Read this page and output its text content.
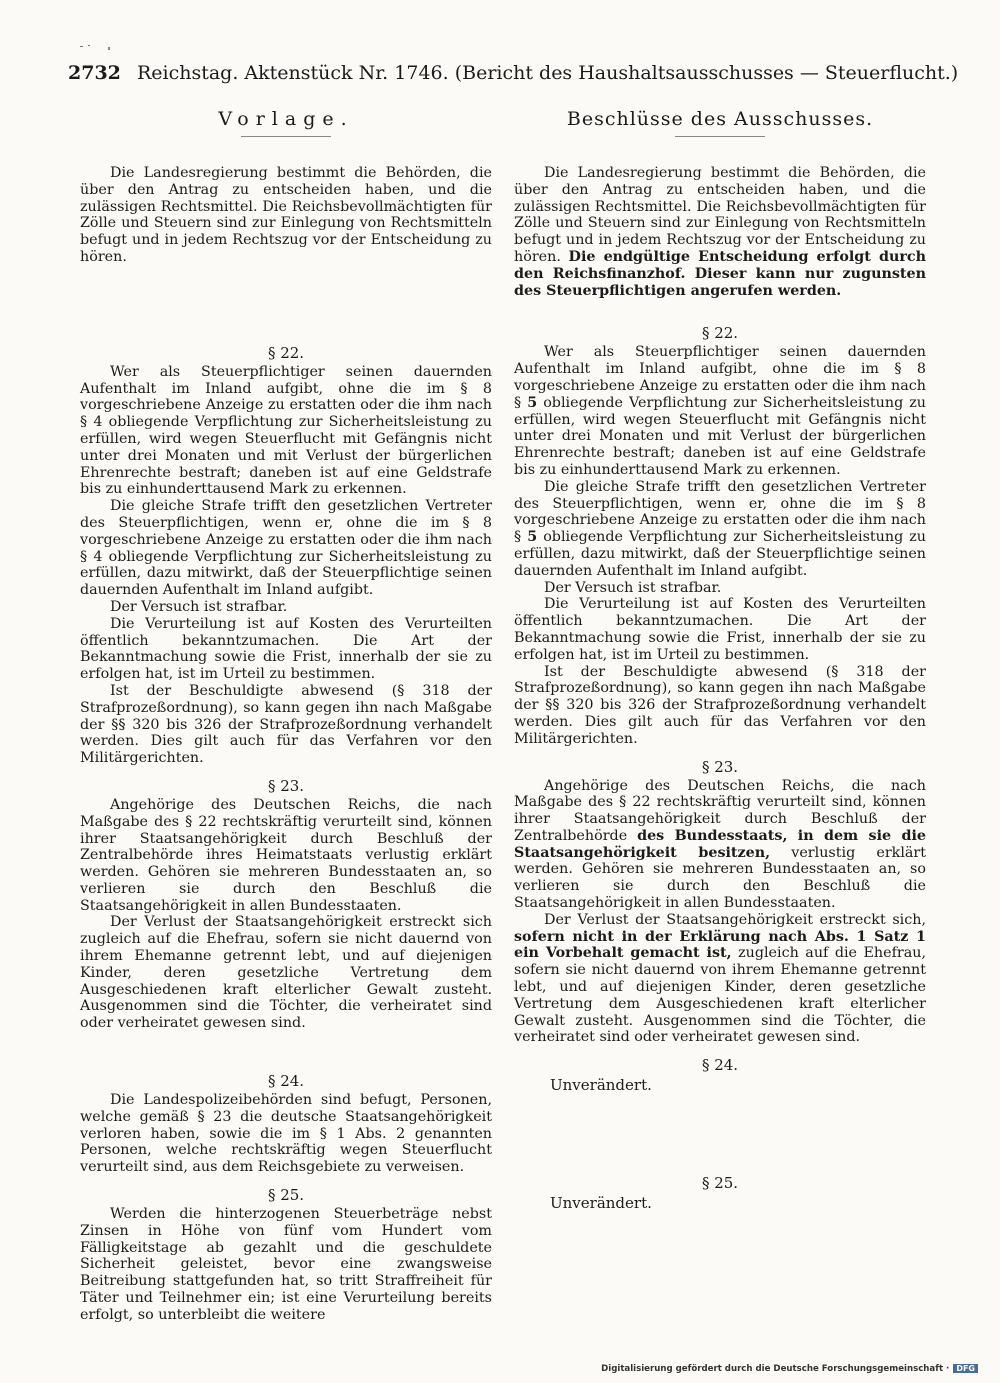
2732 Reichstag. Aktenstück Nr. 1746. (Bericht des Haushaltsausschusses — Steuerflucht.)
Vorlage.

Die Landesregierung bestimmt die Behörden, die über den Antrag zu entscheiden haben, und die zulässigen Rechtsmittel. Die Reichsbevollmächtigten für Zölle und Steuern sind zur Einlegung von Rechtsmitteln befugt und in jedem Rechtszug vor der Entscheidung zu hören.

§ 22.

Wer als Steuerpflichtiger seinen dauernden Aufenthalt im Inland aufgibt, ohne die im § 8 vorgeschriebene Anzeige zu erstatten oder die ihm nach § 4 obliegende Verpflichtung zur Sicherheitsleistung zu erfüllen, wird wegen Steuerflucht mit Gefängnis nicht unter drei Monaten und mit Verlust der bürgerlichen Ehrenrechte bestraft; daneben ist auf eine Geldstrafe bis zu einhunderttausend Mark zu erkennen.

Die gleiche Strafe trifft den gesetzlichen Vertreter des Steuerpflichtigen, wenn er, ohne die im § 8 vorgeschriebene Anzeige zu erstatten oder die ihm nach § 4 obliegende Verpflichtung zur Sicherheitsleistung zu erfüllen, dazu mitwirkt, daß der Steuerpflichtige seinen dauernden Aufenthalt im Inland aufgibt.

Der Versuch ist strafbar.

Die Verurteilung ist auf Kosten des Verurteilten öffentlich bekanntzumachen. Die Art der Bekanntmachung sowie die Frist, innerhalb der sie zu erfolgen hat, ist im Urteil zu bestimmen.

Ist der Beschuldigte abwesend (§ 318 der Strafprozeßordnung), so kann gegen ihn nach Maßgabe der §§ 320 bis 326 der Strafprozeßordnung verhandelt werden. Dies gilt auch für das Verfahren vor den Militärgerichten.

§ 23.

Angehörige des Deutschen Reichs, die nach Maßgabe des § 22 rechtskräftig verurteilt sind, können ihrer Staatsangehörigkeit durch Beschluß der Zentralbehörde ihres Heimatstaats verlustig erklärt werden. Gehören sie mehreren Bundesstaaten an, so verlieren sie durch den Beschluß die Staatsangehörigkeit in allen Bundesstaaten.

Der Verlust der Staatsangehörigkeit erstreckt sich zugleich auf die Ehefrau, sofern sie nicht dauernd von ihrem Ehemanne getrennt lebt, und auf diejenigen Kinder, deren gesetzliche Vertretung dem Ausgeschiedenen kraft elterlicher Gewalt zusteht. Ausgenommen sind die Töchter, die verheiratet sind oder verheiratet gewesen sind.

§ 24.

Die Landespolizeibehörden sind befugt, Personen, welche gemäß § 23 die deutsche Staatsangehörigkeit verloren haben, sowie die im § 1 Abs. 2 genannten Personen, welche rechtskräftig wegen Steuerflucht verurteilt sind, aus dem Reichsgebiete zu verweisen.

§ 25.

Werden die hinterzogenen Steuerbeträge nebst Zinsen in Höhe von fünf vom Hundert vom Fälligkeitstage ab gezahlt und die geschuldete Sicherheit geleistet, bevor eine zwangsweise Beitreibung stattgefunden hat, so tritt Straffreiheit für Täter und Teilnehmer ein; ist eine Verurteilung bereits erfolgt, so unterbleibt die weitere

Beschlüsse des Ausschusses.

Die Landesregierung bestimmt die Behörden, die über den Antrag zu entscheiden haben, und die zulässigen Rechtsmittel. Die Reichsbevollmächtigten für Zölle und Steuern sind zur Einlegung von Rechtsmitteln befugt und in jedem Rechtszug vor der Entscheidung zu hören. Die endgültige Entscheidung erfolgt durch den Reichsfinanzhof. Dieser kann nur zugunsten des Steuerpflichtigen angerufen werden.

§ 22.

Wer als Steuerpflichtiger seinen dauernden Aufenthalt im Inland aufgibt, ohne die im § 8 vorgeschriebene Anzeige zu erstatten oder die ihm nach § 5 obliegende Verpflichtung zur Sicherheitsleistung zu erfüllen, wird wegen Steuerflucht mit Gefängnis nicht unter drei Monaten und mit Verlust der bürgerlichen Ehrenrechte bestraft; daneben ist auf eine Geldstrafe bis zu einhunderttausend Mark zu erkennen.

Die gleiche Strafe trifft den gesetzlichen Vertreter des Steuerpflichtigen, wenn er, ohne die im § 8 vorgeschriebene Anzeige zu erstatten oder die ihm nach § 5 obliegende Verpflichtung zur Sicherheitsleistung zu erfüllen, dazu mitwirkt, daß der Steuerpflichtige seinen dauernden Aufenthalt im Inland aufgibt.

Der Versuch ist strafbar.

Die Verurteilung ist auf Kosten des Verurteilten öffentlich bekanntzumachen. Die Art der Bekanntmachung sowie die Frist, innerhalb der sie zu erfolgen hat, ist im Urteil zu bestimmen.

Ist der Beschuldigte abwesend (§ 318 der Strafprozeßordnung), so kann gegen ihn nach Maßgabe der §§ 320 bis 326 der Strafprozeßordnung verhandelt werden. Dies gilt auch für das Verfahren vor den Militärgerichten.

§ 23.

Angehörige des Deutschen Reichs, die nach Maßgabe des § 22 rechtskräftig verurteilt sind, können ihrer Staatsangehörigkeit durch Beschluß der Zentralbehörde des Bundesstaats, in dem sie die Staatsangehörigkeit besitzen, verlustig erklärt werden. Gehören sie mehreren Bundesstaaten an, so verlieren sie durch den Beschluß die Staatsangehörigkeit in allen Bundesstaaten.

Der Verlust der Staatsangehörigkeit erstreckt sich, sofern nicht in der Erklärung nach Abs. 1 Satz 1 ein Vorbehalt gemacht ist, zugleich auf die Ehefrau, sofern sie nicht dauernd von ihrem Ehemanne getrennt lebt, und auf diejenigen Kinder, deren gesetzliche Vertretung dem Ausgeschiedenen kraft elterlicher Gewalt zusteht. Ausgenommen sind die Töchter, die verheiratet sind oder verheiratet gewesen sind.

§ 24.

Unverändert.

§ 25.

Unverändert.

Digitalisierung gefördert durch die Deutsche Forschungsgemeinschaft · DFG
